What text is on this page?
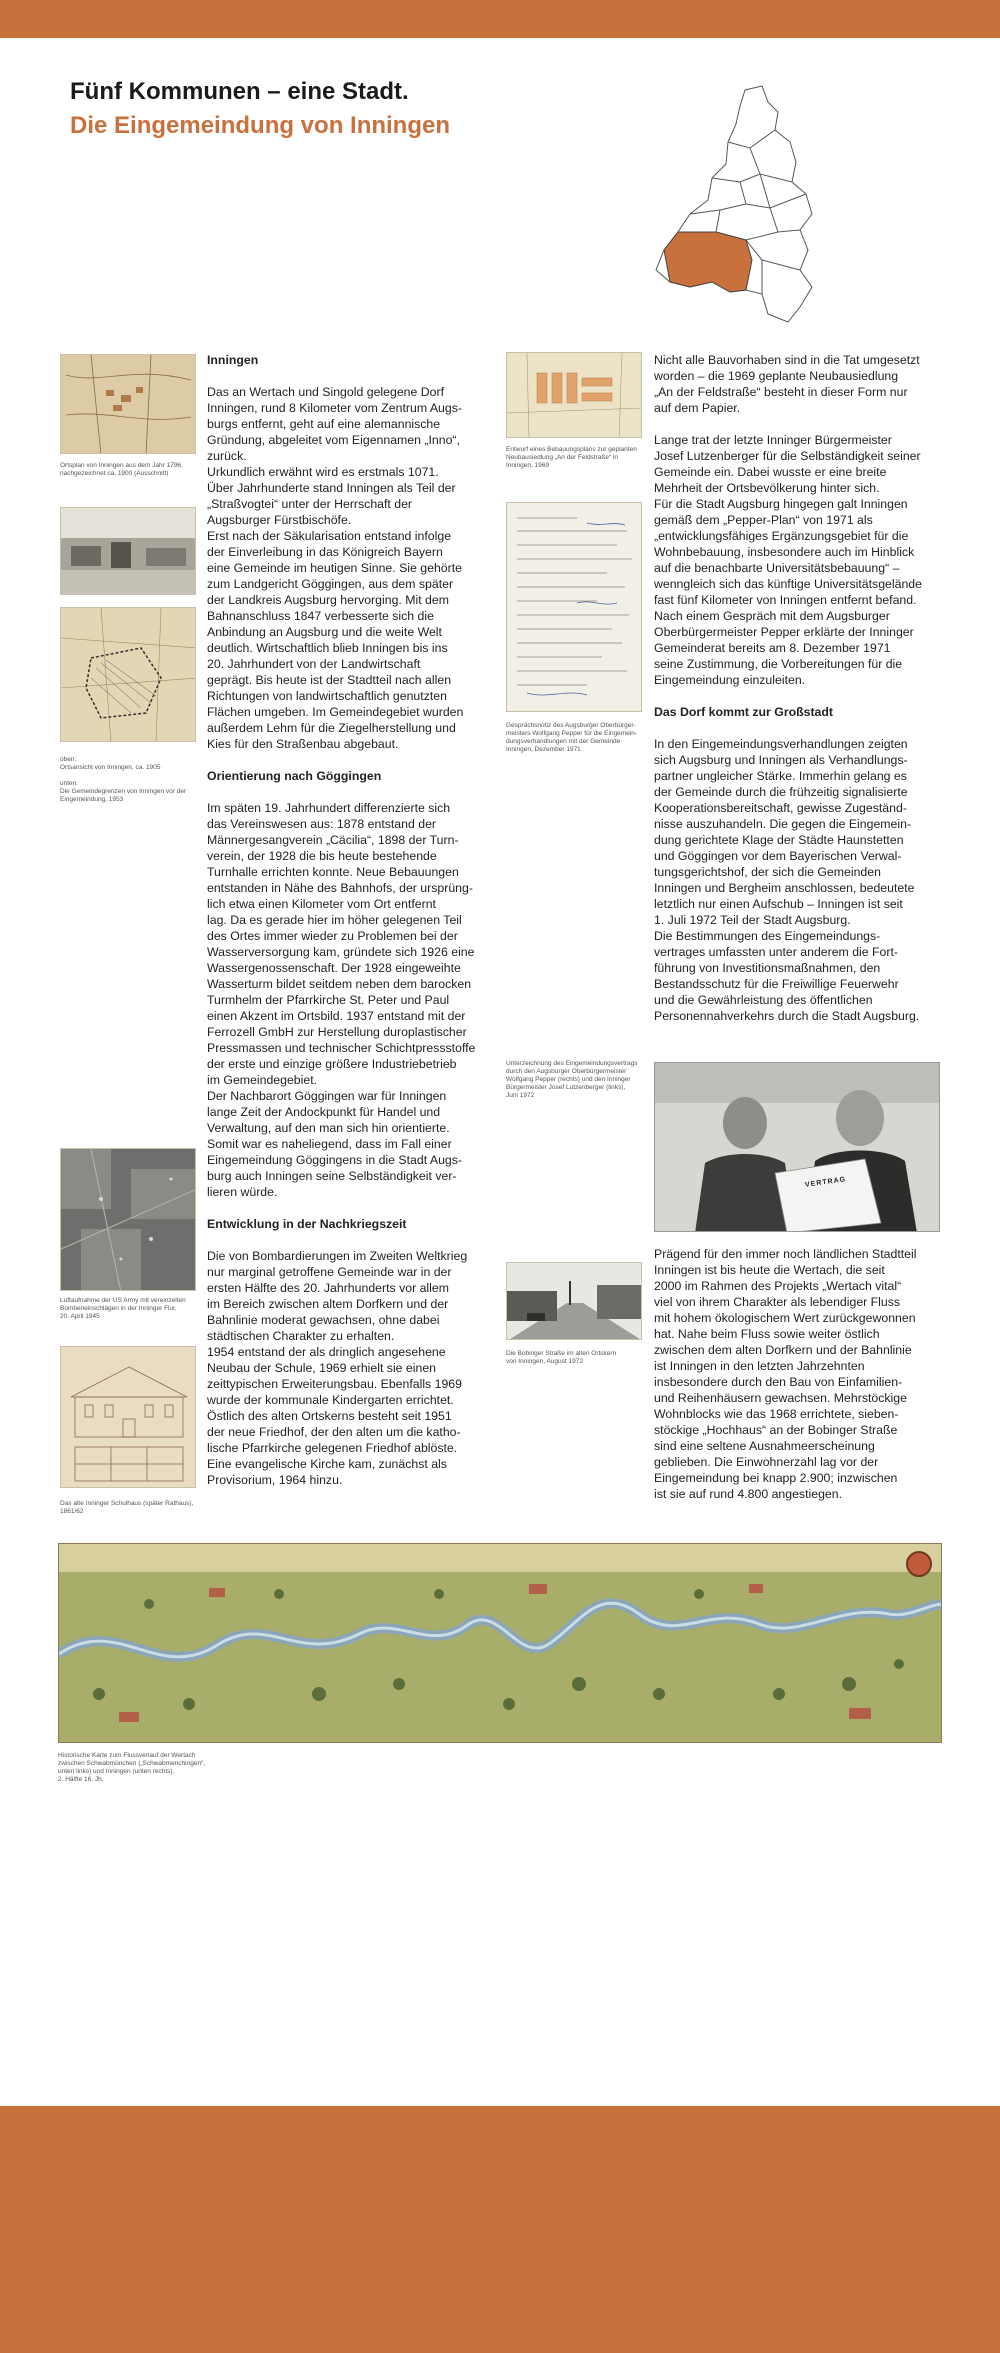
Fünf Kommunen – eine Stadt.
Die Eingemeindung von Inningen
Ortsplan von Inningen aus dem Jahr 1796,
nachgezeichnet ca. 1900 (Ausschnitt)
oben:
Ortsansicht von Inningen, ca. 1905
unten:
Die Gemeindegrenzen von Inningen vor der
Eingemeindung, 1953
Luftaufnahme der US Army mit vereinzelten
Bombeneinschlägen in der Inninger Flur,
20. April 1945
Das alte Inninger Schulhaus (später Rathaus),
1861/62
Inningen

Das an Wertach und Singold gelegene Dorf
Inningen, rund 8 Kilometer vom Zentrum Augs-
burgs entfernt, geht auf eine alemannische
Gründung, abgeleitet vom Eigennamen „Inno“,
zurück.
Urkundlich erwähnt wird es erstmals 1071.
Über Jahrhunderte stand Inningen als Teil der
„Straßvogtei“ unter der Herrschaft der
Augsburger Fürstbischöfe.
Erst nach der Säkularisation entstand infolge
der Einverleibung in das Königreich Bayern
eine Gemeinde im heutigen Sinne. Sie gehörte
zum Landgericht Göggingen, aus dem später
der Landkreis Augsburg hervorging. Mit dem
Bahnanschluss 1847 verbesserte sich die
Anbindung an Augsburg und die weite Welt
deutlich. Wirtschaftlich blieb Inningen bis ins
20. Jahrhundert von der Landwirtschaft
geprägt. Bis heute ist der Stadtteil nach allen
Richtungen von landwirtschaftlich genutzten
Flächen umgeben. Im Gemeindegebiet wurden
außerdem Lehm für die Ziegelherstellung und
Kies für den Straßenbau abgebaut.

Orientierung nach Göggingen

Im späten 19. Jahrhundert differenzierte sich
das Vereinswesen aus: 1878 entstand der
Männergesangverein „Cäcilia“, 1898 der Turn-
verein, der 1928 die bis heute bestehende
Turnhalle errichten konnte. Neue Bebauungen
entstanden in Nähe des Bahnhofs, der ursprüng-
lich etwa einen Kilometer vom Ort entfernt
lag. Da es gerade hier im höher gelegenen Teil
des Ortes immer wieder zu Problemen bei der
Wasserversorgung kam, gründete sich 1926 eine
Wassergenossenschaft. Der 1928 eingeweihte
Wasserturm bildet seitdem neben dem barocken
Turmhelm der Pfarrkirche St. Peter und Paul
einen Akzent im Ortsbild. 1937 entstand mit der
Ferrozell GmbH zur Herstellung duroplastischer
Pressmassen und technischer Schichtpressstoffe
der erste und einzige größere Industriebetrieb
im Gemeindegebiet.
Der Nachbarort Göggingen war für Inningen
lange Zeit der Andockpunkt für Handel und
Verwaltung, auf den man sich hin orientierte.
Somit war es naheliegend, dass im Fall einer
Eingemeindung Göggingens in die Stadt Augs-
burg auch Inningen seine Selbständigkeit ver-
lieren würde.

Entwicklung in der Nachkriegszeit

Die von Bombardierungen im Zweiten Weltkrieg
nur marginal getroffene Gemeinde war in der
ersten Hälfte des 20. Jahrhunderts vor allem
im Bereich zwischen altem Dorfkern und der
Bahnlinie moderat gewachsen, ohne dabei
städtischen Charakter zu erhalten.
1954 entstand der als dringlich angesehene
Neubau der Schule, 1969 erhielt sie einen
zeittypischen Erweiterungsbau. Ebenfalls 1969
wurde der kommunale Kindergarten errichtet.
Östlich des alten Ortskerns besteht seit 1951
der neue Friedhof, der den alten um die katho-
lische Pfarrkirche gelegenen Friedhof ablöste.
Eine evangelische Kirche kam, zunächst als
Provisorium, 1964 hinzu.

Entwurf eines Bebauungsplans zur geplanten
Neubausiedlung „An der Feldstraße“ in
Inningen, 1969
Gesprächsnotiz des Augsburger Oberbürger-
meisters Wolfgang Pepper für die Eingemein-
dungsverhandlungen mit der Gemeinde
Inningen, Dezember 1971
Unterzeichnung des Eingemeindungsvertrags
durch den Augsburger Oberbürgermeister
Wolfgang Pepper (rechts) und den Inninger
Bürgermeister Josef Lutzenberger (links),
Juni 1972
Die Bobinger Straße im alten Ortskern
von Inningen, August 1972

Nicht alle Bauvorhaben sind in die Tat umgesetzt
worden – die 1969 geplante Neubausiedlung
„An der Feldstraße“ besteht in dieser Form nur
auf dem Papier.

Lange trat der letzte Inninger Bürgermeister
Josef Lutzenberger für die Selbständigkeit seiner
Gemeinde ein. Dabei wusste er eine breite
Mehrheit der Ortsbevölkerung hinter sich.
Für die Stadt Augsburg hingegen galt Inningen
gemäß dem „Pepper-Plan“ von 1971 als
„entwicklungsfähiges Ergänzungsgebiet für die
Wohnbebauung, insbesondere auch im Hinblick
auf die benachbarte Universitätsbebauung“ –
wenngleich sich das künftige Universitätsgelände
fast fünf Kilometer von Inningen entfernt befand.
Nach einem Gespräch mit dem Augsburger
Oberbürgermeister Pepper erklärte der Inninger
Gemeinderat bereits am 8. Dezember 1971
seine Zustimmung, die Vorbereitungen für die
Eingemeindung einzuleiten.

Das Dorf kommt zur Großstadt

In den Eingemeindungsverhandlungen zeigten
sich Augsburg und Inningen als Verhandlungs-
partner ungleicher Stärke. Immerhin gelang es
der Gemeinde durch die frühzeitig signalisierte
Kooperationsbereitschaft, gewisse Zugeständ-
nisse auszuhandeln. Die gegen die Eingemein-
dung gerichtete Klage der Städte Haunstetten
und Göggingen vor dem Bayerischen Verwal-
tungsgerichtshof, der sich die Gemeinden
Inningen und Bergheim anschlossen, bedeutete
letztlich nur einen Aufschub – Inningen ist seit
1. Juli 1972 Teil der Stadt Augsburg.
Die Bestimmungen des Eingemeindungs-
vertrages umfassten unter anderem die Fort-
führung von Investitionsmaßnahmen, den
Bestandsschutz für die Freiwillige Feuerwehr
und die Gewährleistung des öffentlichen
Personennahverkehrs durch die Stadt Augsburg.

VERTRAG

Prägend für den immer noch ländlichen Stadtteil
Inningen ist bis heute die Wertach, die seit
2000 im Rahmen des Projekts „Wertach vital“
viel von ihrem Charakter als lebendiger Fluss
mit hohem ökologischem Wert zurückgewonnen
hat. Nahe beim Fluss sowie weiter östlich
zwischen dem alten Dorfkern und der Bahnlinie
ist Inningen in den letzten Jahrzehnten
insbesondere durch den Bau von Einfamilien-
und Reihenhäusern gewachsen. Mehrstöckige
Wohnblocks wie das 1968 errichtete, sieben-
stöckige „Hochhaus“ an der Bobinger Straße
sind eine seltene Ausnahmeerscheinung
geblieben. Die Einwohnerzahl lag vor der
Eingemeindung bei knapp 2.900; inzwischen
ist sie auf rund 4.800 angestiegen.

Historische Karte zum Flussverlauf der Wertach
zwischen Schwabmünchen („Schwabmenchingen“,
unten links) und Inningen (unten rechts),
2. Hälfte 16. Jh.
